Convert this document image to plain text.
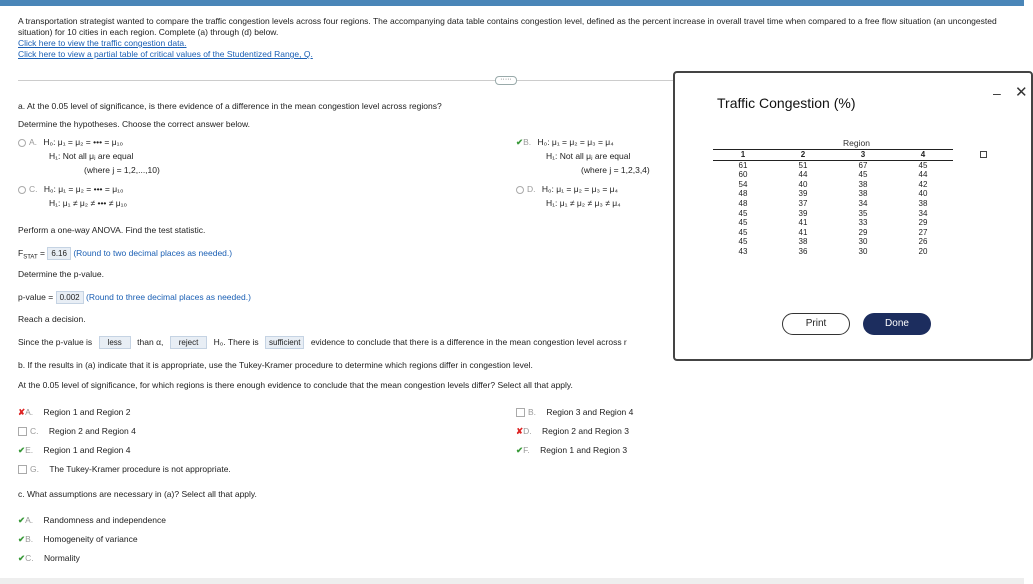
A transportation strategist wanted to compare the traffic congestion levels across four regions. The accompanying data table contains congestion level, defined as the percent increase in overall travel time when compared to a free flow situation (an uncongested situation) for 10 cities in each region. Complete (a) through (d) below.
Click here to view the traffic congestion data.
Click here to view a partial table of critical values of the Studentized Range, Q.
·····
a. At the 0.05 level of significance, is there evidence of a difference in the mean congestion level across regions?
Determine the hypotheses. Choose the correct answer below.
A. H₀: μ₁ = μ₂ = ••• = μ₁₀
H₁: Not all μⱼ are equal
(where j = 1,2,...,10)
✔B. H₀: μ₁ = μ₂ = μ₃ = μ₄
H₁: Not all μⱼ are equal
(where j = 1,2,3,4)
C. H₀: μ₁ = μ₂ = ••• = μ₁₀
H₁: μ₁ ≠ μ₂ ≠ ••• ≠ μ₁₀
D. H₀: μ₁ = μ₂ = μ₃ = μ₄
H₁: μ₁ ≠ μ₂ ≠ μ₃ ≠ μ₄
Perform a one-way ANOVA. Find the test statistic.
$F_{STAT} = 6.16$ (Round to two decimal places as needed.)
Determine the p-value.
p-value = 0.002 (Round to three decimal places as needed.)
Reach a decision.
Since the p-value is less than α, reject H₀. There is sufficient evidence to conclude that there is a difference in the mean congestion level across r
b. If the results in (a) indicate that it is appropriate, use the Tukey-Kramer procedure to determine which regions differ in congestion level.
At the 0.05 level of significance, for which regions is there enough evidence to conclude that the mean congestion levels differ? Select all that apply.
✘A. Region 1 and Region 2	B. Region 3 and Region 4
C. Region 2 and Region 4	✘D. Region 2 and Region 3
✔E. Region 1 and Region 4	✔F. Region 1 and Region 3
G. The Tukey-Kramer procedure is not appropriate.
c. What assumptions are necessary in (a)? Select all that apply.
✔A. Randomness and independence
✔B. Homogeneity of variance
✔C. Normality
Traffic Congestion (%)
– ✕
Region
1	2	3	4
61	51	67	45
60	44	45	44
54	40	38	42
48	39	38	40
48	37	34	38
45	39	35	34
45	41	33	29
45	41	29	27
45	38	30	26
43	36	30	20
Print	Done
